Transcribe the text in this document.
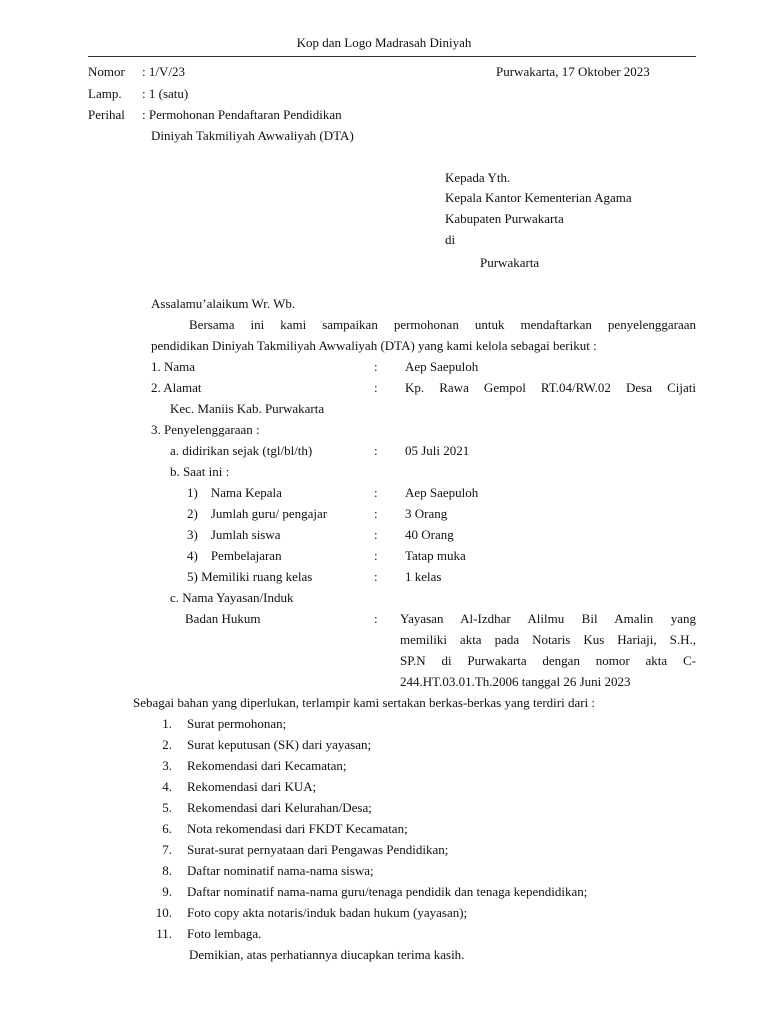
Kop dan Logo Madrasah Diniyah
Nomor : 1/V/23	Purwakarta, 17 Oktober 2023
Lamp. : 1 (satu)
Perihal : Permohonan Pendaftaran Pendidikan
Diniyah Takmiliyah Awwaliyah (DTA)
Kepada Yth.
Kepala Kantor Kementerian Agama
Kabupaten Purwakarta
di
Purwakarta
Assalamu’alaikum Wr. Wb.
Bersama ini kami sampaikan permohonan untuk mendaftarkan penyelenggaraan
pendidikan Diniyah Takmiliyah Awwaliyah (DTA) yang kami kelola sebagai berikut :
1. Nama	: Aep Saepuloh
2. Alamat	: Kp. Rawa Gempol RT.04/RW.02 Desa Cijati
Kec. Maniis Kab. Purwakarta
3. Penyelenggaraan :
a. didirikan sejak (tgl/bl/th)	: 05 Juli 2021
b. Saat ini :
1)    Nama Kepala	: Aep Saepuloh
2)    Jumlah guru/ pengajar	: 3 Orang
3)    Jumlah siswa	: 40 Orang
4)    Pembelajaran	: Tatap muka
5) Memiliki ruang kelas	: 1 kelas
c. Nama Yayasan/Induk
Badan Hukum	: Yayasan Al-Izdhar Alilmu Bil Amalin yang
memiliki akta pada Notaris Kus Hariaji, S.H.,
SP.N di Purwakarta dengan nomor akta C-
244.HT.03.01.Th.2006 tanggal 26 Juni 2023
Sebagai bahan yang diperlukan, terlampir kami sertakan berkas-berkas yang terdiri dari :
1. Surat permohonan;
2. Surat keputusan (SK) dari yayasan;
3. Rekomendasi dari Kecamatan;
4. Rekomendasi dari KUA;
5. Rekomendasi dari Kelurahan/Desa;
6. Nota rekomendasi dari FKDT Kecamatan;
7. Surat-surat pernyataan dari Pengawas Pendidikan;
8. Daftar nominatif nama-nama siswa;
9. Daftar nominatif nama-nama guru/tenaga pendidik dan tenaga kependidikan;
10. Foto copy akta notaris/induk badan hukum (yayasan);
11. Foto lembaga.
Demikian, atas perhatiannya diucapkan terima kasih.
